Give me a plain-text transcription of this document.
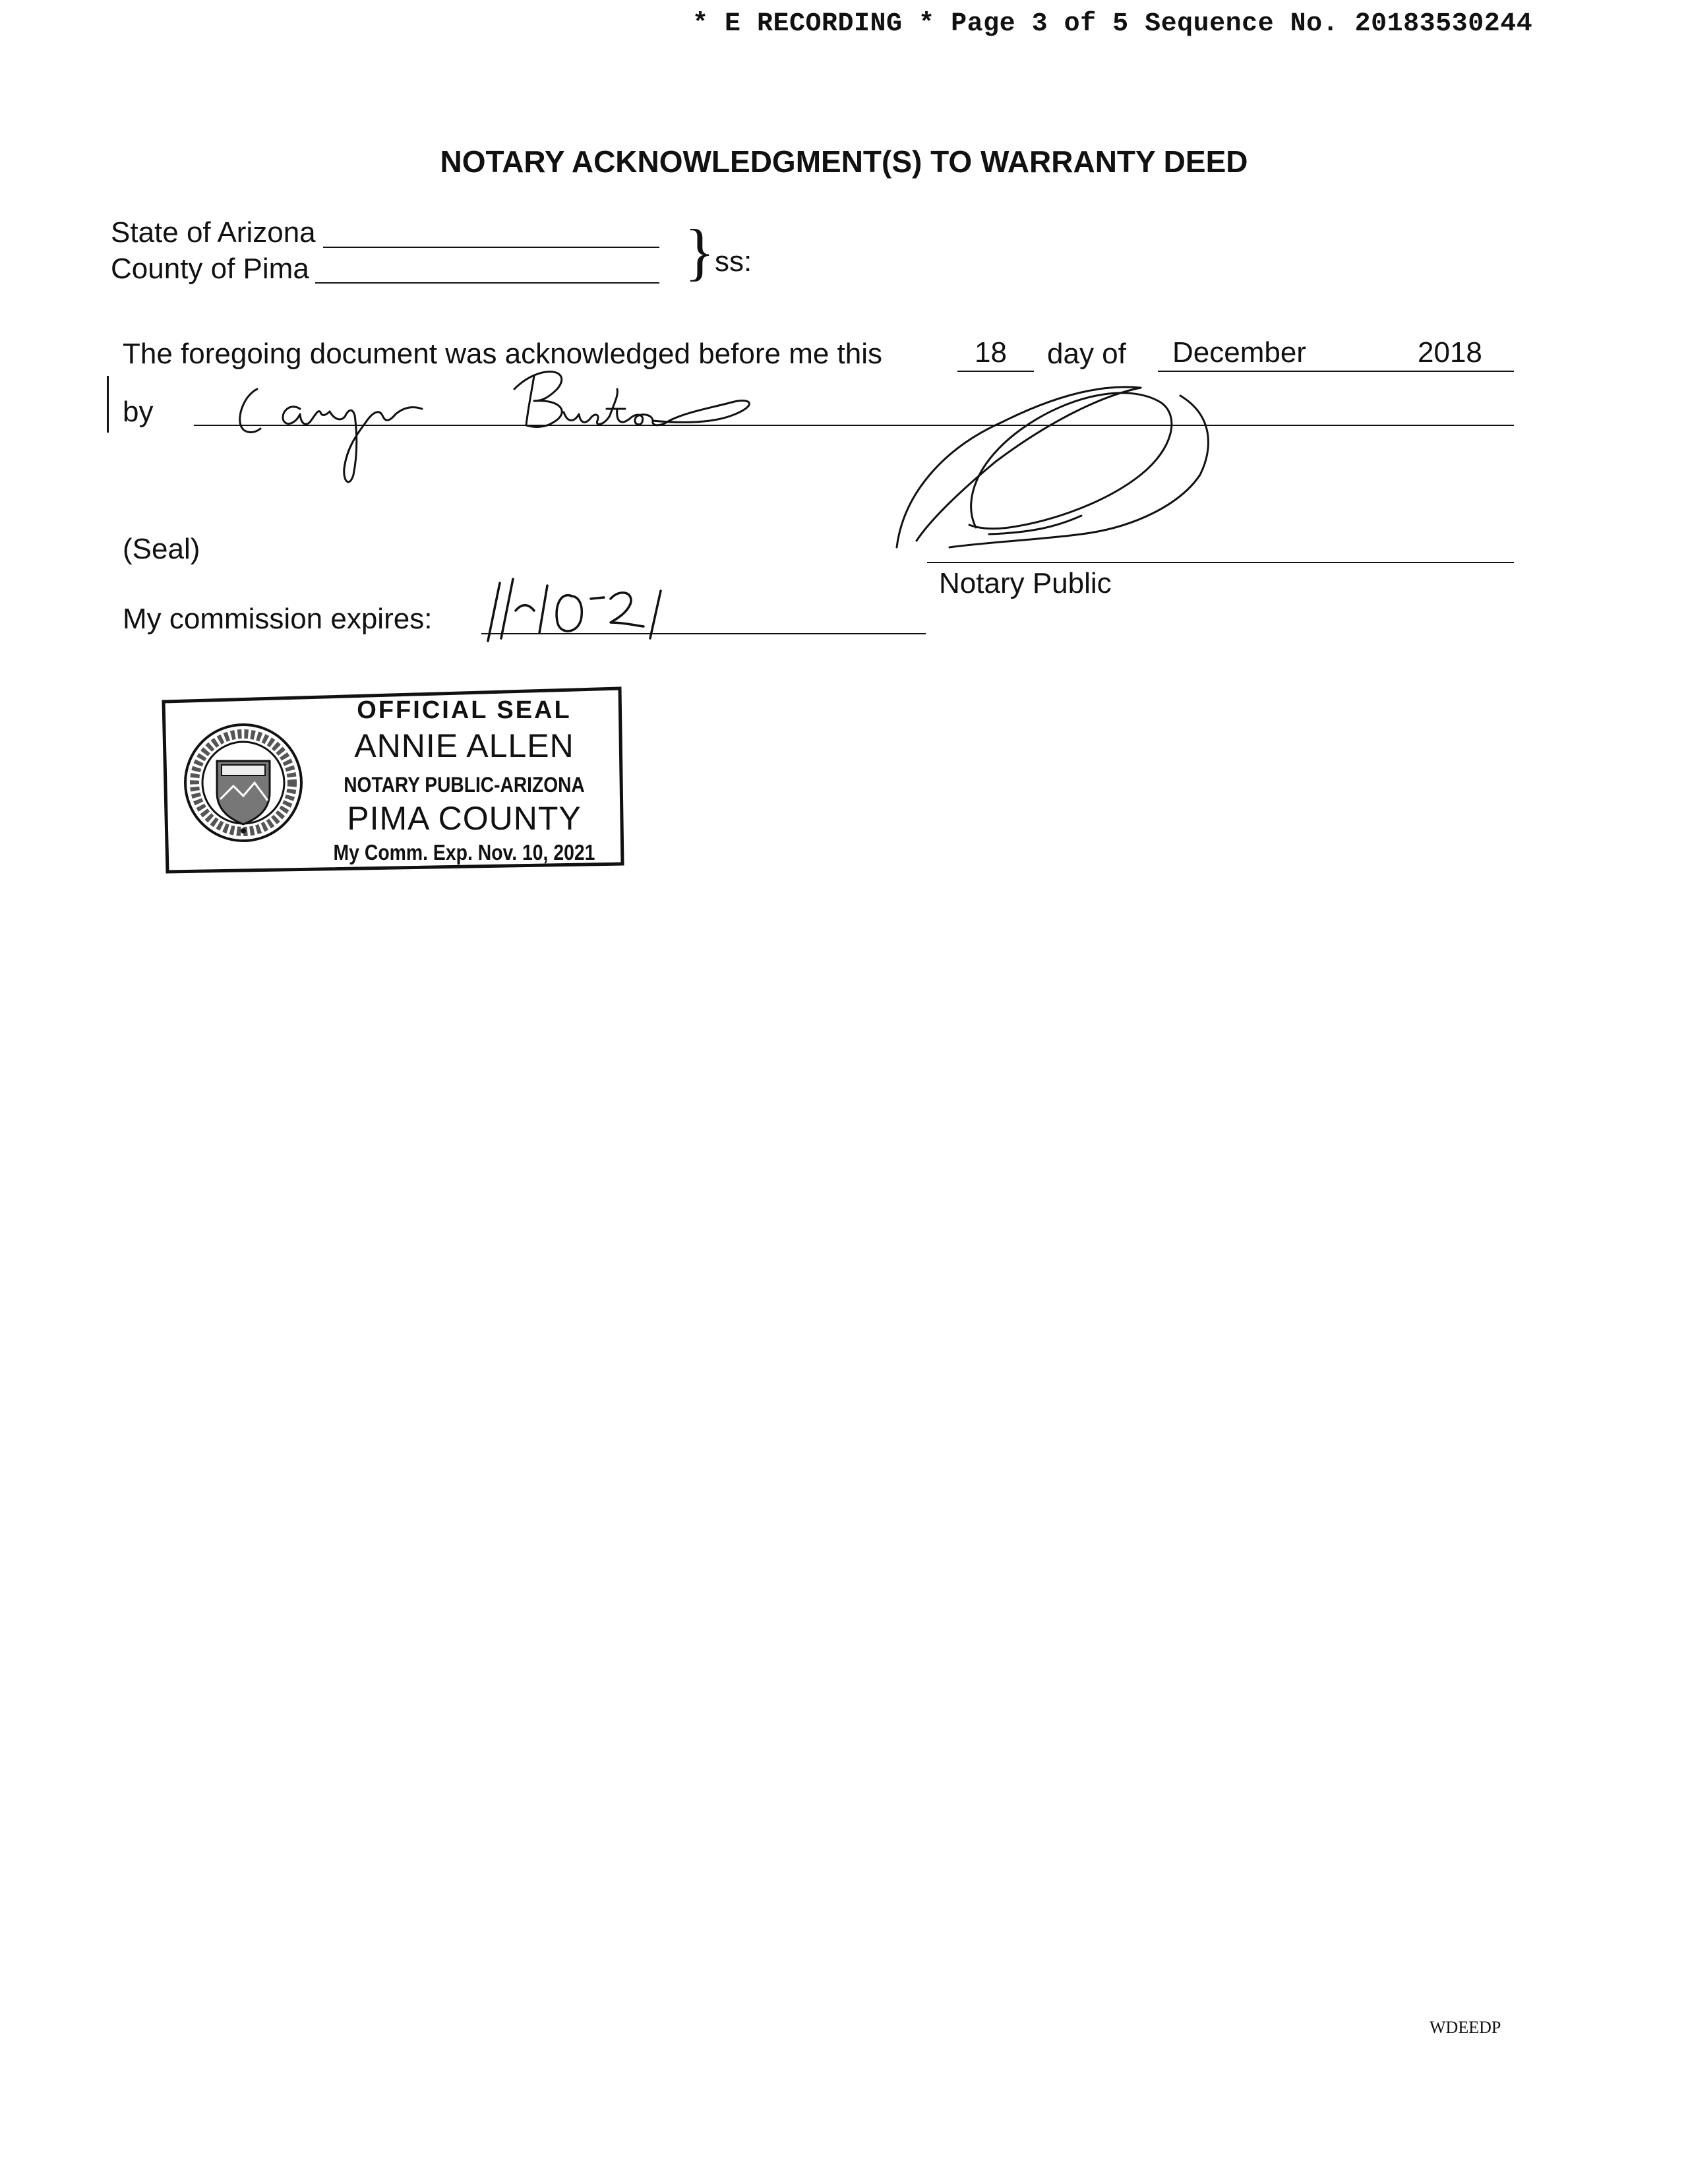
* E RECORDING * Page 3 of 5 Sequence No. 20183530244
NOTARY ACKNOWLEDGMENT(S) TO WARRANTY DEED
State of Arizona
County of Pima	} ss:
The foregoing document was acknowledged before me this	18 day of December	2018
by
(Seal)
Notary Public
My commission expires:
OFFICIAL SEAL
ANNIE ALLEN
NOTARY PUBLIC-ARIZONA
PIMA COUNTY
My Comm. Exp. Nov. 10, 2021
WDEEDP
